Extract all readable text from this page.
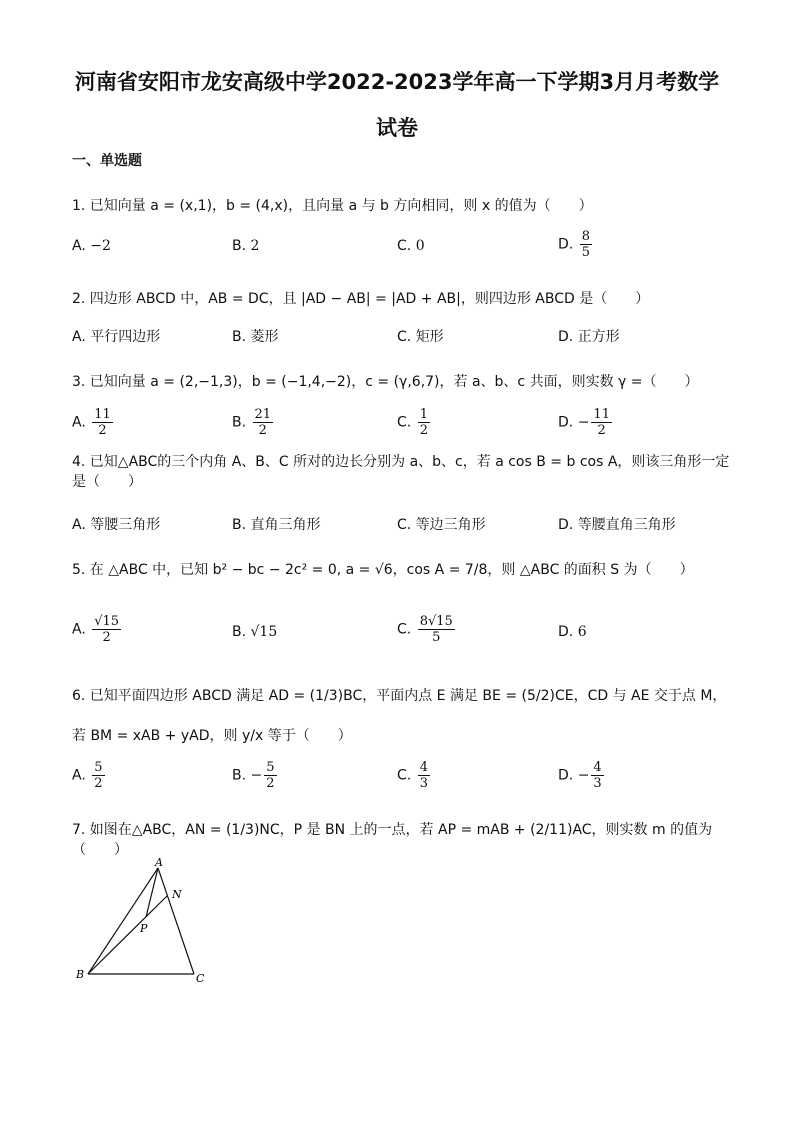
河南省安阳市龙安高级中学2022-2023学年高一下学期3月月考数学
试卷
一、单选题
1. 已知向量 a = (x,1)，b = (4,x)，且向量 a 与 b 方向相同，则 x 的值为（　　）
A. −2	B. 2	C. 0	D. $\frac{8}{5}$
2. 四边形 ABCD 中，AB = DC，且 |AD − AB| = |AD + AB|，则四边形 ABCD 是（　　）
A. 平行四边形	B. 菱形	C. 矩形	D. 正方形
3. 已知向量 a = (2,−1,3)，b = (−1,4,−2)，c = (γ,6,7)，若 a、b、c 共面，则实数 γ =（　　）
A. $\frac{11}{2}$	B. $\frac{21}{2}$	C. $\frac{1}{2}$	D. − $\frac{11}{2}$
4. 已知△ABC的三个内角 A、B、C 所对的边长分别为 a、b、c，若 a cos B = b cos A，则该三角形一定是（　　）
A. 等腰三角形	B. 直角三角形	C. 等边三角形	D. 等腰直角三角形
5. 在 △ABC 中，已知 b² − bc − 2c² = 0, a = √6，cos A = 7/8，则 △ABC 的面积 S 为（　　）
A. $\frac{√15}{2}$	B. √15	C. $\frac{8√15}{5}$	D. 6
6. 已知平面四边形 ABCD 满足 AD = (1/3)BC，平面内点 E 满足 BE = (5/2)CE，CD 与 AE 交于点 M，若 BM = xAB + yAD，则 y/x 等于（　　）
A. $\frac{5}{2}$	B. − $\frac{5}{2}$	C. $\frac{4}{3}$	D. − $\frac{4}{3}$
7. 如图在△ABC，AN = (1/3)NC，P 是 BN 上的一点，若 AP = mAB + (2/11)AC，则实数 m 的值为（　　）
A
B	C
N
P
